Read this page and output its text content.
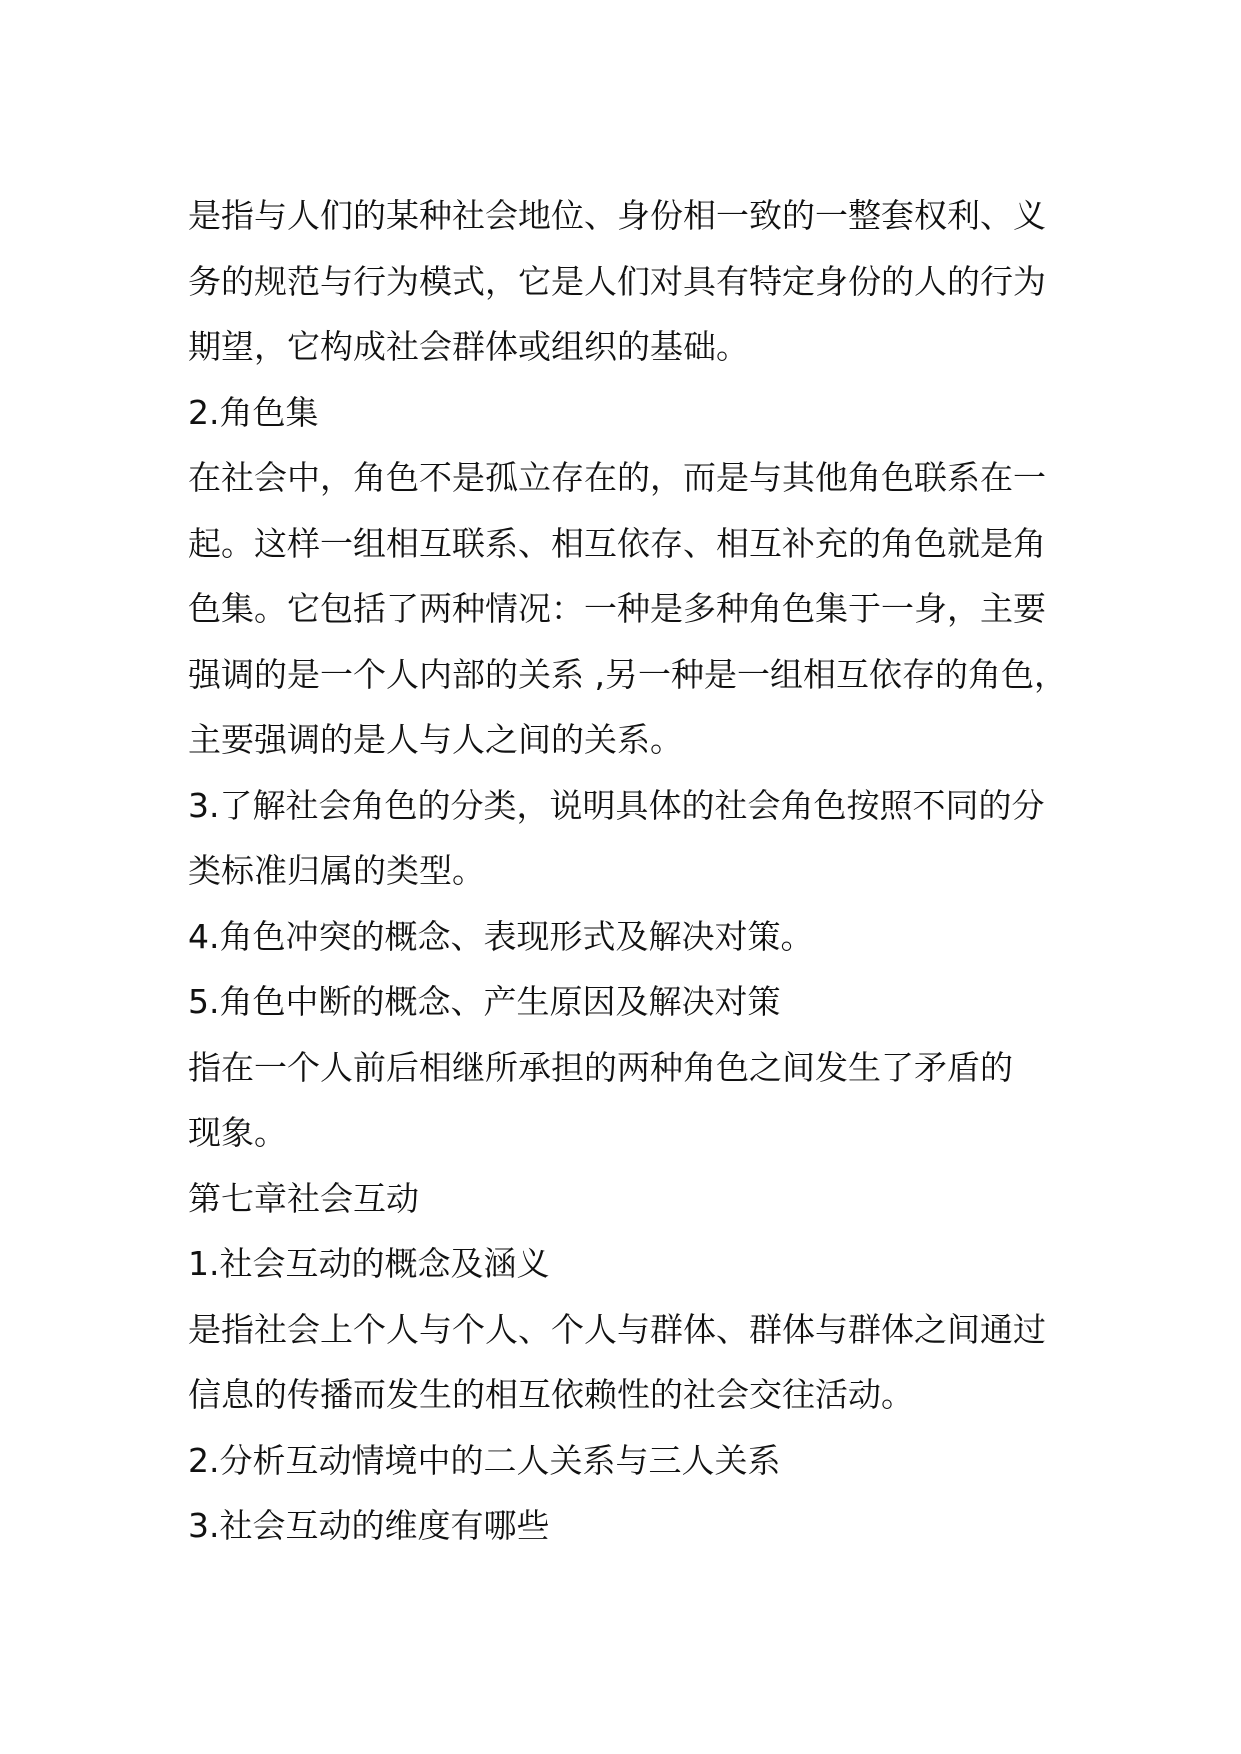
是指与人们的某种社会地位、身份相一致的一整套权利、义
务的规范与行为模式，它是人们对具有特定身份的人的行为
期望，它构成社会群体或组织的基础。
2.角色集
在社会中，角色不是孤立存在的，而是与其他角色联系在一
起。这样一组相互联系、相互依存、相互补充的角色就是角
色集。它包括了两种情况：一种是多种角色集于一身，主要
强调的是一个人内部的关系 ,另一种是一组相互依存的角色，
主要强调的是人与人之间的关系。
3.了解社会角色的分类，说明具体的社会角色按照不同的分
类标准归属的类型。
4.角色冲突的概念、表现形式及解决对策。
5.角色中断的概念、产生原因及解决对策
指在一个人前后相继所承担的两种角色之间发生了矛盾的
现象。
第七章社会互动
1.社会互动的概念及涵义
是指社会上个人与个人、个人与群体、群体与群体之间通过
信息的传播而发生的相互依赖性的社会交往活动。
2.分析互动情境中的二人关系与三人关系
3.社会互动的维度有哪些
